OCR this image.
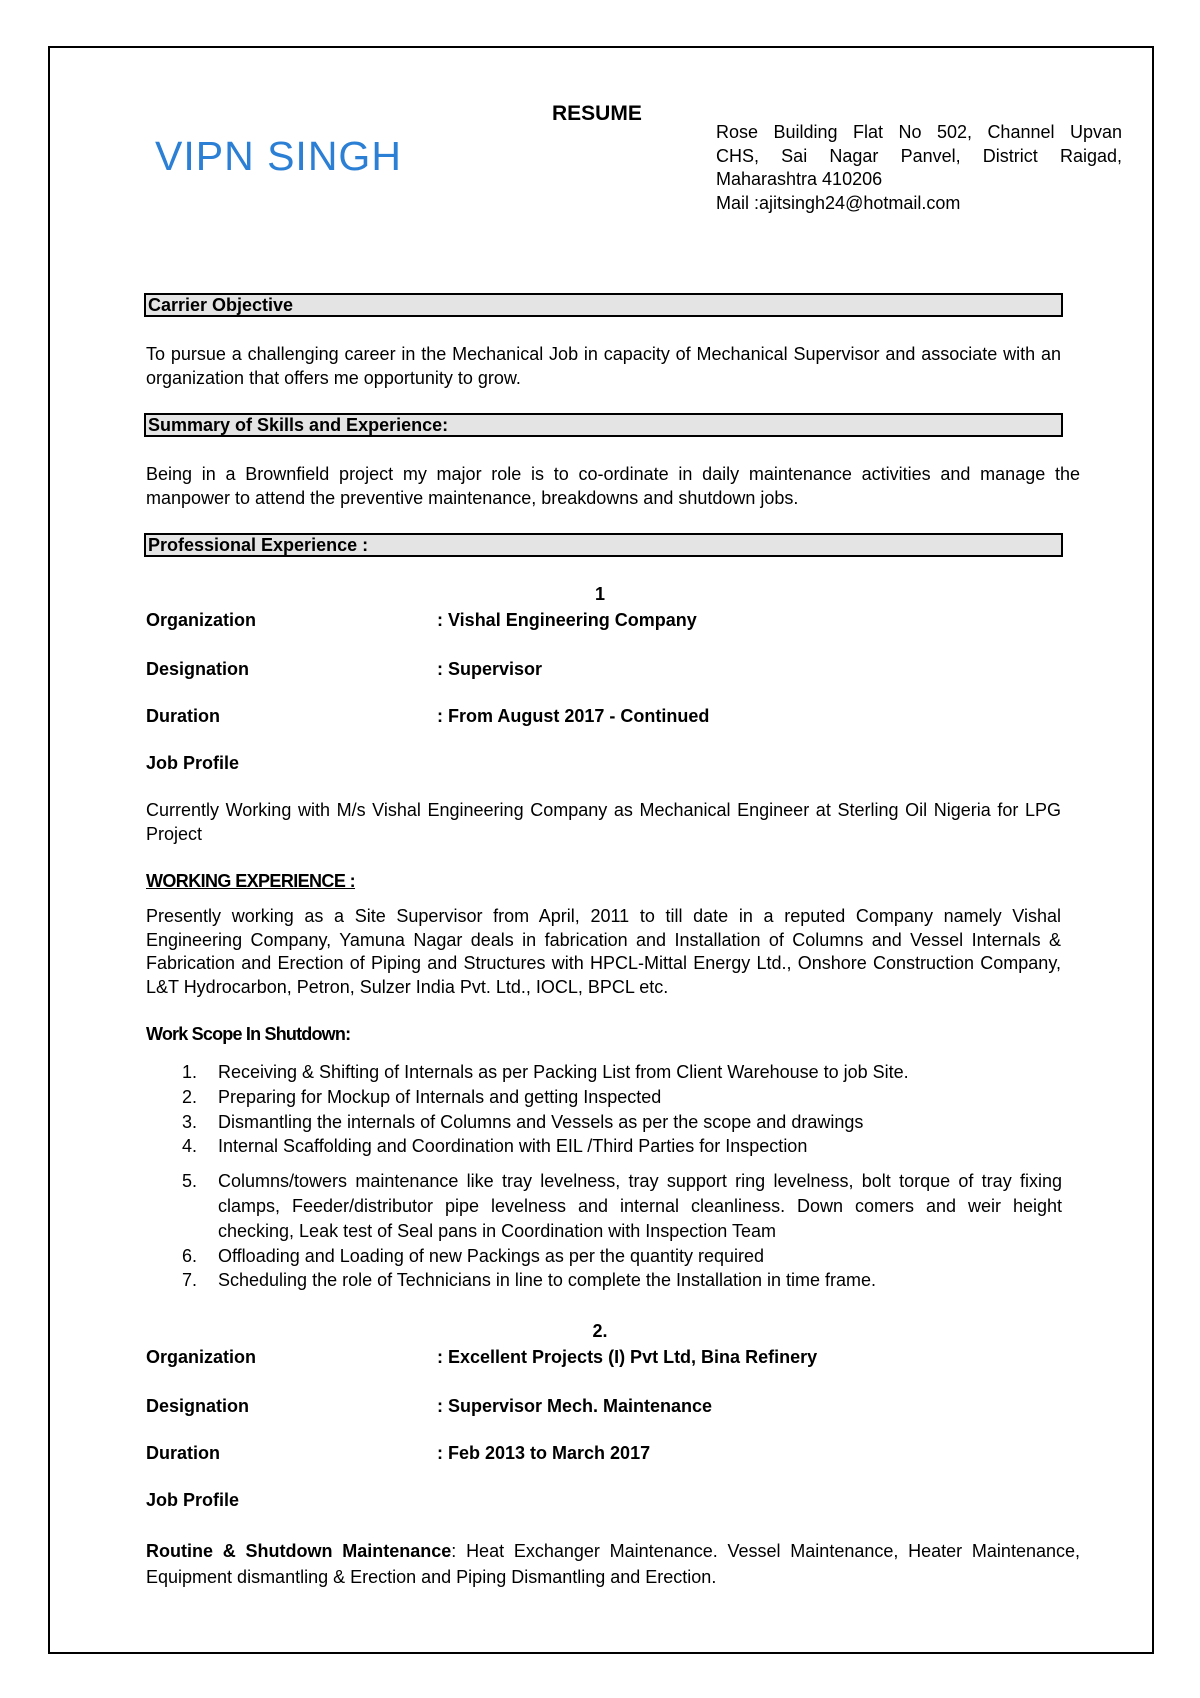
RESUME
VIPN SINGH
Rose Building Flat No 502, Channel Upvan
CHS, Sai Nagar Panvel, District Raigad,
Maharashtra 410206
Mail :ajitsingh24@hotmail.com
Carrier Objective
To pursue a challenging career in the Mechanical Job in capacity of Mechanical Supervisor and associate with an organization that offers me opportunity to grow.
Summary of Skills and Experience:
Being in a Brownfield project my major role is to co-ordinate in daily maintenance activities and manage the manpower to attend the preventive maintenance, breakdowns and shutdown jobs.
Professional Experience :
1
Organization	: Vishal Engineering Company
Designation	: Supervisor
Duration	: From August 2017 - Continued
Job Profile
Currently Working with M/s Vishal Engineering Company as Mechanical Engineer at Sterling Oil Nigeria for LPG Project
WORKING EXPERIENCE :
Presently working as a Site Supervisor from April, 2011 to till date in a reputed Company namely Vishal Engineering Company, Yamuna Nagar deals in fabrication and Installation of Columns and Vessel Internals & Fabrication and Erection of Piping and Structures with HPCL-Mittal Energy Ltd., Onshore Construction Company, L&T Hydrocarbon, Petron, Sulzer India Pvt. Ltd., IOCL, BPCL etc.
Work Scope In Shutdown:
1.	Receiving & Shifting of Internals as per Packing List from Client Warehouse to job Site.
2.	Preparing for Mockup of Internals and getting Inspected
3.	Dismantling the internals of Columns and Vessels as per the scope and drawings
4.	Internal Scaffolding and Coordination with EIL /Third Parties for Inspection
5.	Columns/towers maintenance like tray levelness, tray support ring levelness, bolt torque of tray fixing clamps, Feeder/distributor pipe levelness and internal cleanliness. Down comers and weir height checking, Leak test of Seal pans in Coordination with Inspection Team
6.	Offloading and Loading of new Packings as per the quantity required
7.	Scheduling the role of Technicians in line to complete the Installation in time frame.
2.
Organization	: Excellent Projects (I) Pvt Ltd, Bina Refinery
Designation	: Supervisor Mech. Maintenance
Duration	: Feb 2013 to March 2017
Job Profile
Routine & Shutdown Maintenance: Heat Exchanger Maintenance. Vessel Maintenance, Heater Maintenance, Equipment dismantling & Erection and Piping Dismantling and Erection.
